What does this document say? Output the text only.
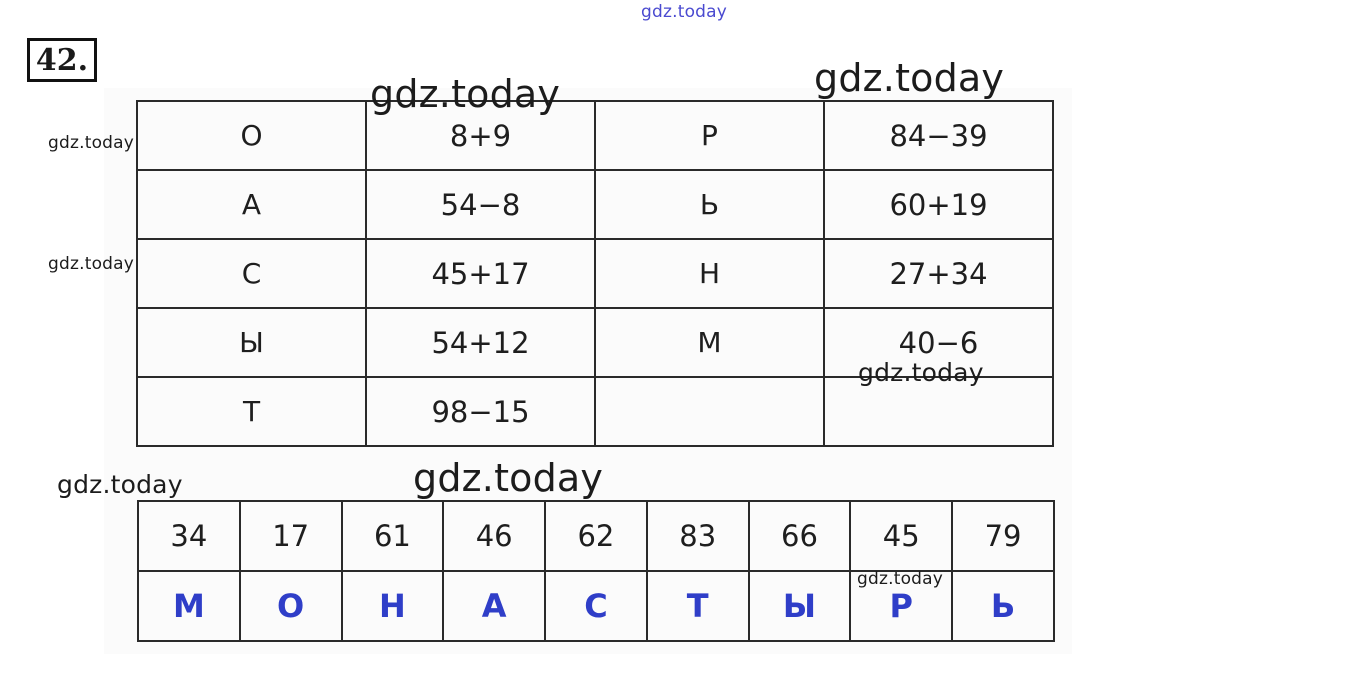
gdz.today
42.
О	8+9	Р	84−39
А	54−8	Ь	60+19
С	45+17	Н	27+34
Ы	54+12	М	40−6
Т	98−15		
34	17	61	46	62	83	66	45	79
М	О	Н	А	С	Т	Ы	Р	Ь
gdz.today	gdz.today
gdz.today
gdz.today
gdz.today
gdz.today
gdz.today
gdz.today
